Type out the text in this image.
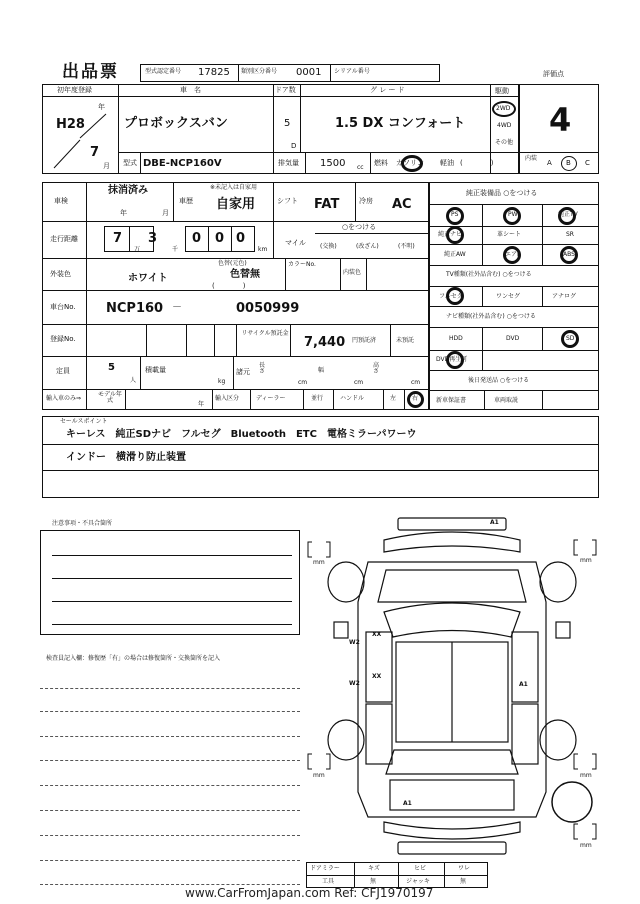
出品票	型式認定番号 17825 類別区分番号 0001 シリアル番号	評価点
4
初年度登録
年
月
H28
7
車　名
プロボックスバン
ドア数
5
D
グ レ ー ド
1.5 DX コンフォート
駆動
2WD
4WD
その他
型式 DBE-NCP160V	排気量 1500 cc
燃料 ガソリン 軽油 (　　　　)
内装
A B C
車検
抹消済み
年	月
車歴
※未記入は自家用
自家用	シフト FAT	冷房 AC
走行距離	7 3
万	千
0 0 0
km
マイル
○をつける
(交換)	(改ざん)	(不明)
外装色	ホワイト
色替(元色)
色替無
(　　　　)
カラーNo.
内装色
車台No. NCP160 －	0050999
登録No.
リサイクル預託金
7,440 円預託済	未預託
定員	5
人
積載量
kg
諸元
長さ
cm
幅
cm
高さ
cm
輸入車のみ⇒
モデル年式
年
輸入区分	ディーラー	並行	ハンドル	左	右
純正装備品 ○をつける
PS	PW	純正TV
純正ナビ	革シート	SR
純正AW	エアB	ABS
TV種類(社外品含む) ○をつける
フルセグ	ワンセグ	アナログ
ナビ種類(社外品含む) ○をつける
HDD	DVD	SD
DVD再生可
後日発送品 ○をつける
新車保証書	車両取説
セールスポイント
キーレス　純正SDナビ　フルセグ　Bluetooth　ETC　電格ミラーパワーウ
インドー　横滑り防止装置
注意事項・不具合箇所
検査員記入欄：修復歴「有」の場合は修復箇所・交換箇所を記入
A1
XX
XX
W2
W2	A1
A1
mm	mm
mm	mm
mm
ドアミラー	キズ	ヒビ	ワレ
工具	無	ジャッキ	無
www.CarFromJapan.com Ref: CFJ1970197
